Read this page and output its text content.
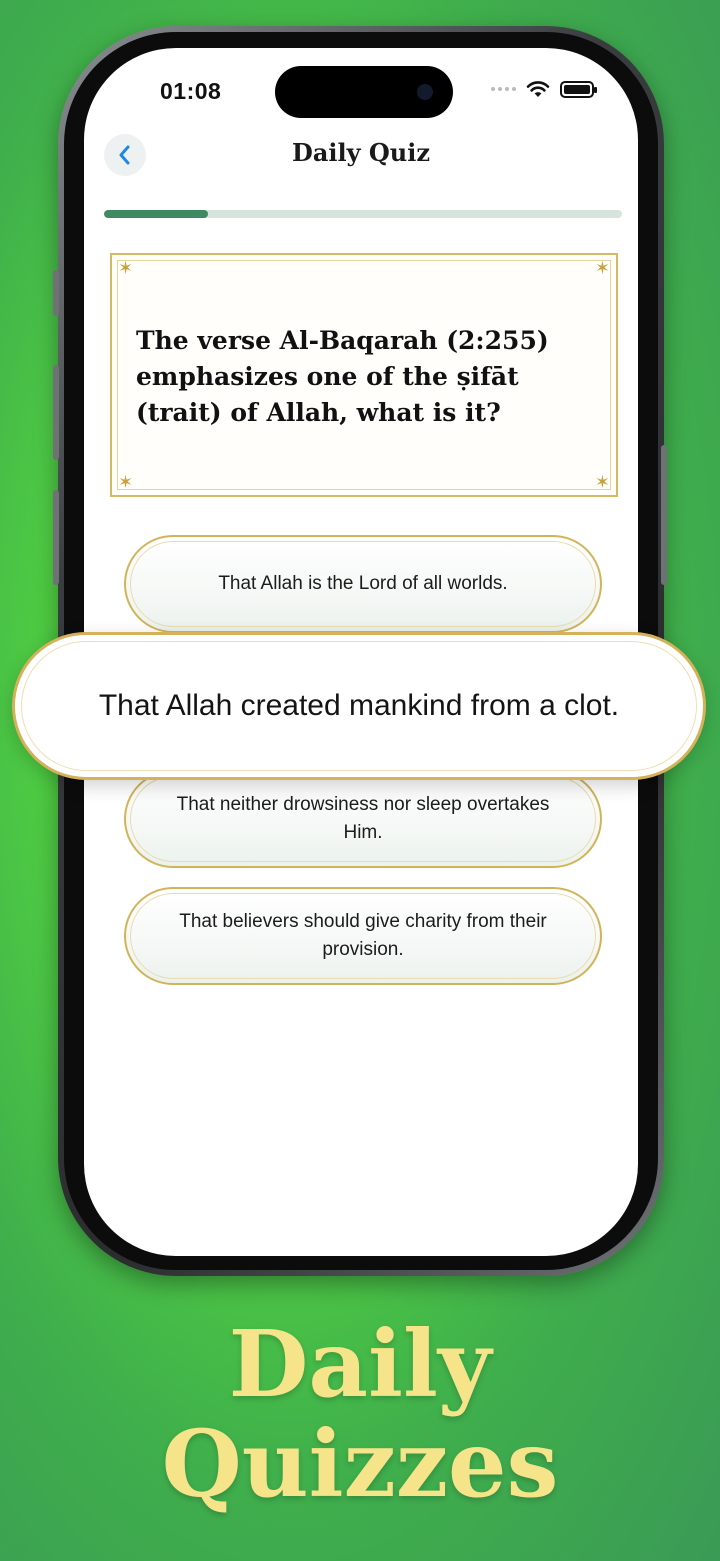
01:08
Daily Quiz
✶	✶
✶	✶
The verse Al-Baqarah (2:255) emphasizes one of the ṣifāt (trait) of Allah, what is it?
That Allah is the Lord of all worlds.
That neither drowsiness nor sleep overtakes Him.
That believers should give charity from their provision.
That Allah created mankind from a clot.
Daily
Quizzes
